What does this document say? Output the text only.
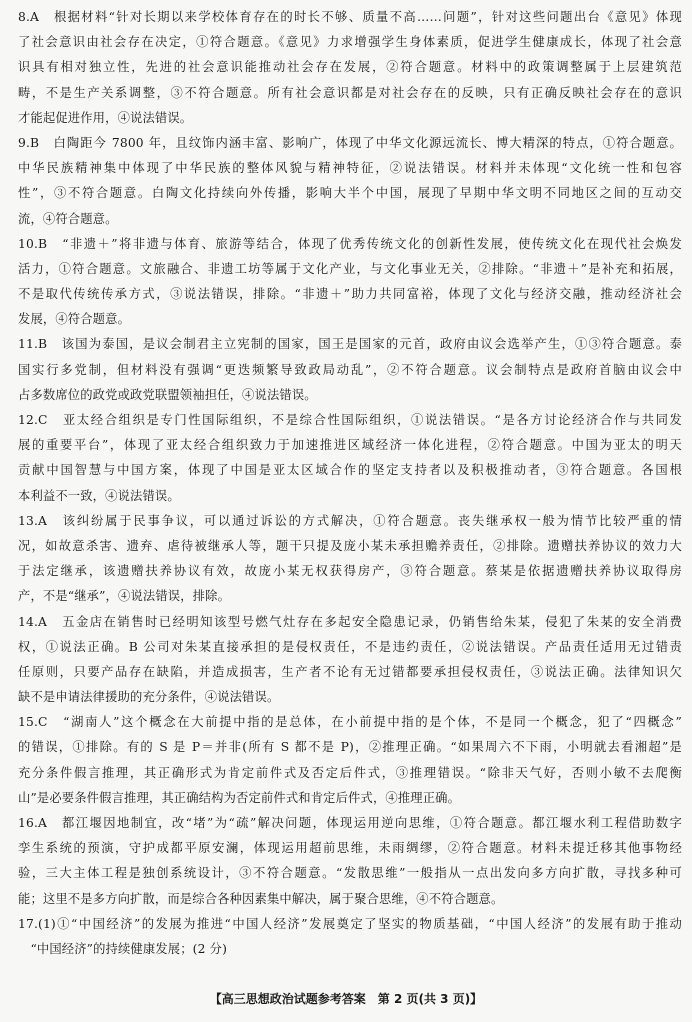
8.A　根据材料“针对长期以来学校体育存在的时长不够、质量不高……问题”，针对这些问题出台《意见》体现
了社会意识由社会存在决定，①符合题意。《意见》力求增强学生身体素质，促进学生健康成长，体现了社会意
识具有相对独立性，先进的社会意识能推动社会存在发展，②符合题意。材料中的政策调整属于上层建筑范
畴，不是生产关系调整，③不符合题意。所有社会意识都是对社会存在的反映，只有正确反映社会存在的意识
才能起促进作用，④说法错误。
9.B　白陶距今 7800 年，且纹饰内涵丰富、影响广，体现了中华文化源远流长、博大精深的特点，①符合题意。
中华民族精神集中体现了中华民族的整体风貌与精神特征，②说法错误。材料并未体现“文化统一性和包容
性”，③不符合题意。白陶文化持续向外传播，影响大半个中国，展现了早期中华文明不同地区之间的互动交
流，④符合题意。
10.B　“非遗＋”将非遗与体育、旅游等结合，体现了优秀传统文化的创新性发展，使传统文化在现代社会焕发
活力，①符合题意。文旅融合、非遗工坊等属于文化产业，与文化事业无关，②排除。“非遗＋”是补充和拓展，
不是取代传统传承方式，③说法错误，排除。“非遗＋”助力共同富裕，体现了文化与经济交融，推动经济社会
发展，④符合题意。
11.B　该国为泰国，是议会制君主立宪制的国家，国王是国家的元首，政府由议会选举产生，①③符合题意。泰
国实行多党制，但材料没有强调“更迭频繁导致政局动乱”，②不符合题意。议会制特点是政府首脑由议会中
占多数席位的政党或政党联盟领袖担任，④说法错误。
12.C　亚太经合组织是专门性国际组织，不是综合性国际组织，①说法错误。“是各方讨论经济合作与共同发
展的重要平台”，体现了亚太经合组织致力于加速推进区域经济一体化进程，②符合题意。中国为亚太的明天
贡献中国智慧与中国方案，体现了中国是亚太区域合作的坚定支持者以及积极推动者，③符合题意。各国根
本利益不一致，④说法错误。
13.A　该纠纷属于民事争议，可以通过诉讼的方式解决，①符合题意。丧失继承权一般为情节比较严重的情
况，如故意杀害、遗弃、虐待被继承人等，题干只提及庞小某未承担赡养责任，②排除。遗赠扶养协议的效力大
于法定继承，该遗赠扶养协议有效，故庞小某无权获得房产，③符合题意。蔡某是依据遗赠扶养协议取得房
产，不是“继承”，④说法错误，排除。
14.A　五金店在销售时已经明知该型号燃气灶存在多起安全隐患记录，仍销售给朱某，侵犯了朱某的安全消费
权，①说法正确。B 公司对朱某直接承担的是侵权责任，不是违约责任，②说法错误。产品责任适用无过错责
任原则，只要产品存在缺陷，并造成损害，生产者不论有无过错都要承担侵权责任，③说法正确。法律知识欠
缺不是申请法律援助的充分条件，④说法错误。
15.C　“湖南人”这个概念在大前提中指的是总体，在小前提中指的是个体，不是同一个概念，犯了“四概念”
的错误，①排除。有的 S 是 P＝并非(所有 S 都不是 P)，②推理正确。“如果周六不下雨，小明就去看湘超”是
充分条件假言推理，其正确形式为肯定前件式及否定后件式，③推理错误。“除非天气好，否则小敏不去爬衡
山”是必要条件假言推理，其正确结构为否定前件式和肯定后件式，④推理正确。
16.A　都江堰因地制宜，改“堵”为“疏”解决问题，体现运用逆向思维，①符合题意。都江堰水利工程借助数字
孪生系统的预演，守护成都平原安澜，体现运用超前思维，未雨绸缪，②符合题意。材料未提迁移其他事物经
验，三大主体工程是独创系统设计，③不符合题意。“发散思维”一般指从一点出发向多方向扩散，寻找多种可
能；这里不是多方向扩散，而是综合各种因素集中解决，属于聚合思维，④不符合题意。
17.(1)①“中国经济”的发展为推进“中国人经济”发展奠定了坚实的物质基础，“中国人经济”的发展有助于推动
　“中国经济”的持续健康发展；(2 分)
【高三思想政治试题参考答案　第 2 页(共 3 页)】
